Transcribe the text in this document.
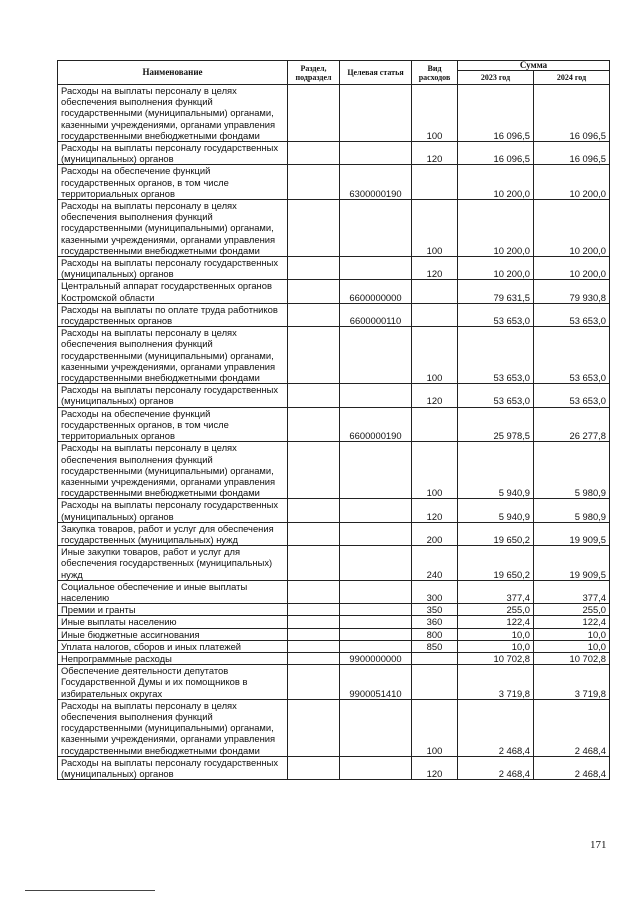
Наименование	Раздел, подраздел	Целевая статья	Вид расходов	Сумма	
				2023 год	2024 год
Расходы на выплаты персоналу в целях обеспечения выполнения функций государственными (муниципальными) органами, казенными учреждениями, органами управления государственными внебюджетными фондами			100	16 096,5	16 096,5
Расходы на выплаты персоналу государственных (муниципальных) органов			120	16 096,5	16 096,5
Расходы на обеспечение функций государственных органов, в том числе территориальных органов		6300000190		10 200,0	10 200,0
Расходы на выплаты персоналу в целях обеспечения выполнения функций государственными (муниципальными) органами, казенными учреждениями, органами управления государственными внебюджетными фондами			100	10 200,0	10 200,0
Расходы на выплаты персоналу государственных (муниципальных) органов			120	10 200,0	10 200,0
Центральный аппарат государственных органов Костромской области		6600000000		79 631,5	79 930,8
Расходы на выплаты по оплате труда работников государственных органов		6600000110		53 653,0	53 653,0
Расходы на выплаты персоналу в целях обеспечения выполнения функций государственными (муниципальными) органами, казенными учреждениями, органами управления государственными внебюджетными фондами			100	53 653,0	53 653,0
Расходы на выплаты персоналу государственных (муниципальных) органов			120	53 653,0	53 653,0
Расходы на обеспечение функций государственных органов, в том числе территориальных органов		6600000190		25 978,5	26 277,8
Расходы на выплаты персоналу в целях обеспечения выполнения функций государственными (муниципальными) органами, казенными учреждениями, органами управления государственными внебюджетными фондами			100	5 940,9	5 980,9
Расходы на выплаты персоналу государственных (муниципальных) органов			120	5 940,9	5 980,9
Закупка товаров, работ и услуг для обеспечения государственных (муниципальных) нужд			200	19 650,2	19 909,5
Иные закупки товаров, работ и услуг для обеспечения государственных (муниципальных) нужд			240	19 650,2	19 909,5
Социальное обеспечение и иные выплаты населению			300	377,4	377,4
Премии и гранты			350	255,0	255,0
Иные выплаты населению			360	122,4	122,4
Иные бюджетные ассигнования			800	10,0	10,0
Уплата налогов, сборов и иных платежей			850	10,0	10,0
Непрограммные расходы		9900000000		10 702,8	10 702,8
Обеспечение деятельности депутатов Государственной Думы и их помощников в избирательных округах		9900051410		3 719,8	3 719,8
Расходы на выплаты персоналу в целях обеспечения выполнения функций государственными (муниципальными) органами, казенными учреждениями, органами управления государственными внебюджетными фондами			100	2 468,4	2 468,4
Расходы на выплаты персоналу государственных (муниципальных) органов			120	2 468,4	2 468,4
171
